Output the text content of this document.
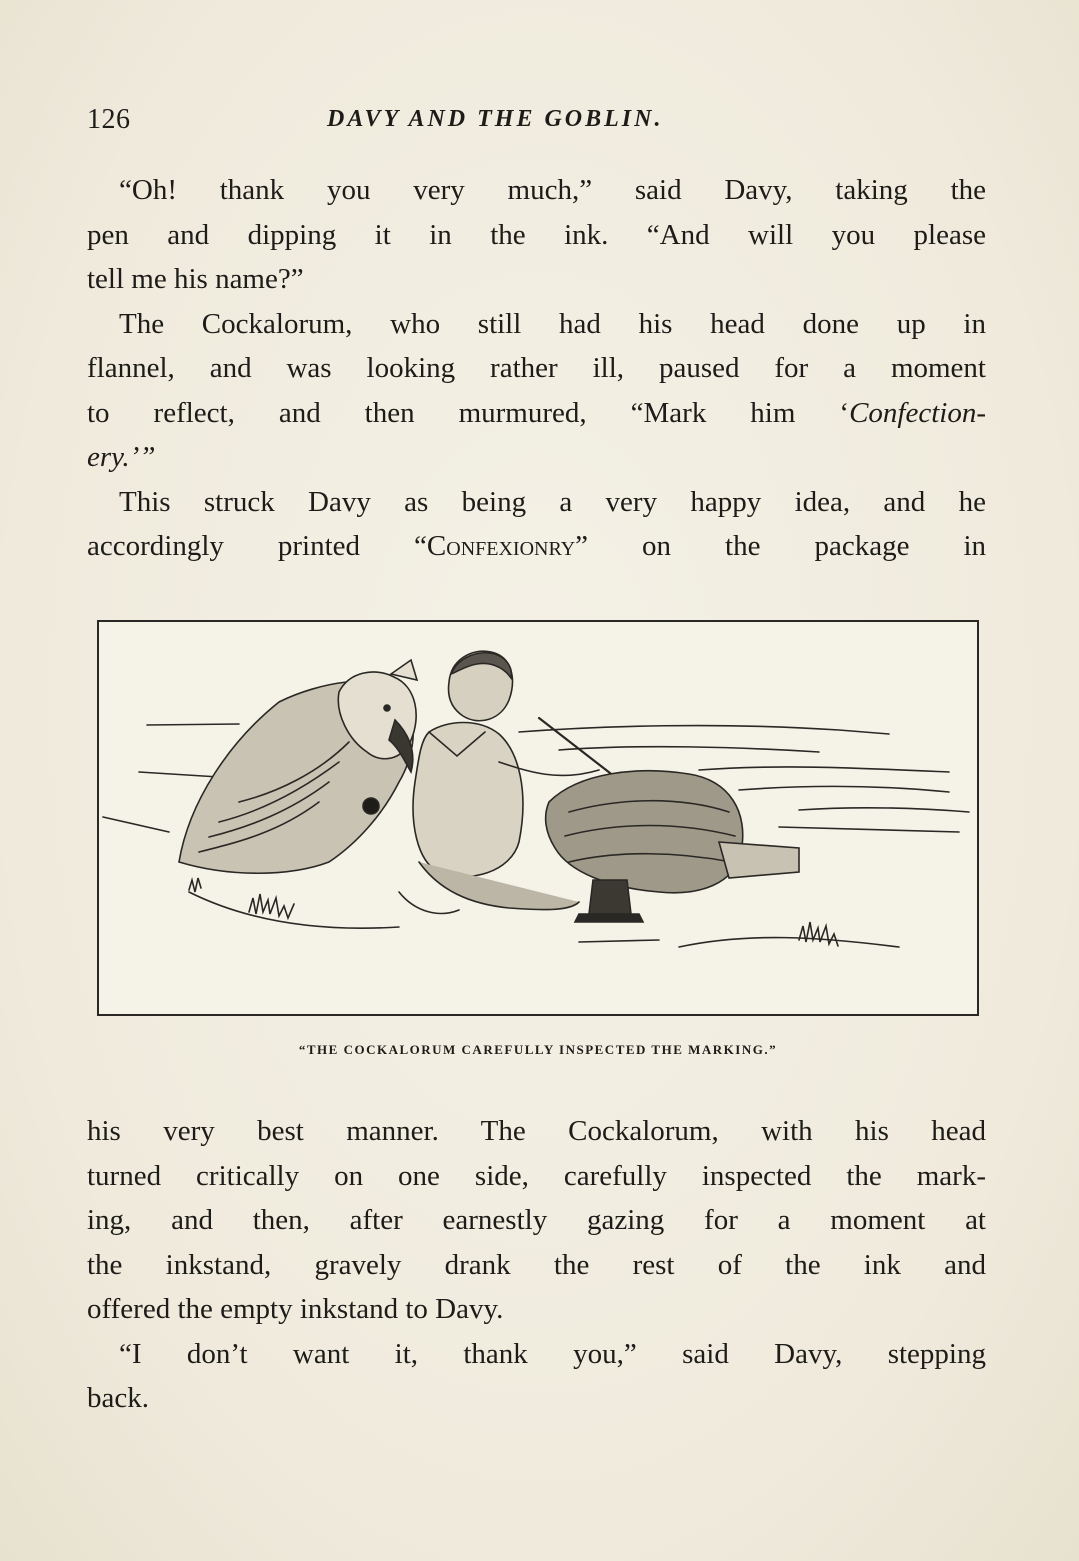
126	DAVY AND THE GOBLIN.
“Oh! thank you very much,” said Davy, taking the
pen and dipping it in the ink. “And will you please
tell me his name?”
The Cockalorum, who still had his head done up in
flannel, and was looking rather ill, paused for a moment
to reflect, and then murmured, “Mark him ‘Confection-
ery.’”
This struck Davy as being a very happy idea, and he
accordingly printed “Confexionry” on the package in
“THE COCKALORUM CAREFULLY INSPECTED THE MARKING.”
his very best manner. The Cockalorum, with his head
turned critically on one side, carefully inspected the mark-
ing, and then, after earnestly gazing for a moment at
the inkstand, gravely drank the rest of the ink and
offered the empty inkstand to Davy.
“I don’t want it, thank you,” said Davy, stepping
back.
